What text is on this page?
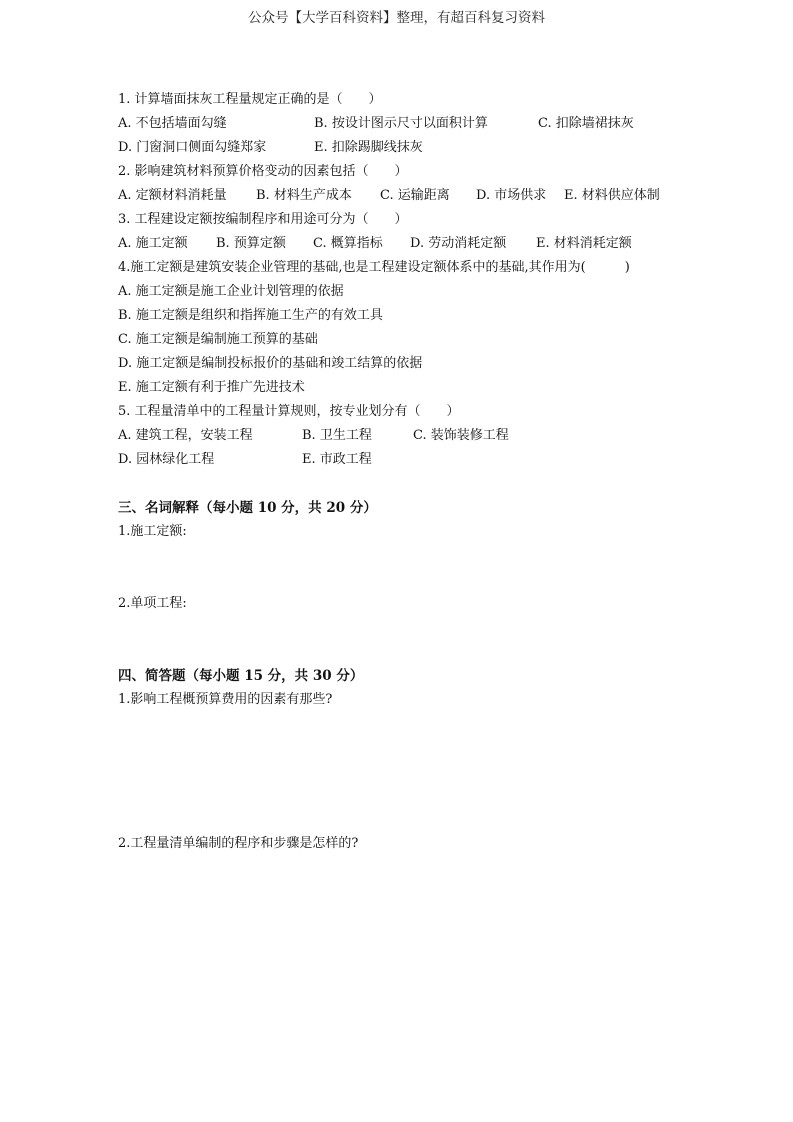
公众号【大学百科资料】整理，有超百科复习资料
1. 计算墙面抹灰工程量规定正确的是（　　）
A. 不包括墙面勾缝	B. 按设计图示尺寸以面积计算	C. 扣除墙裙抹灰
D. 门窗洞口侧面勾缝郑家	E. 扣除踢脚线抹灰
2. 影响建筑材料预算价格变动的因素包括（　　）
A. 定额材料消耗量 B. 材料生产成本 C. 运输距离 D. 市场供求 E. 材料供应体制
3. 工程建设定额按编制程序和用途可分为（　　）
A. 施工定额 B. 预算定额 C. 概算指标 D. 劳动消耗定额 E. 材料消耗定额
4.施工定额是建筑安装企业管理的基础,也是工程建设定额体系中的基础,其作用为(　　　)
A. 施工定额是施工企业计划管理的依据
B. 施工定额是组织和指挥施工生产的有效工具
C. 施工定额是编制施工预算的基础
D. 施工定额是编制投标报价的基础和竣工结算的依据
E. 施工定额有利于推广先进技术
5. 工程量清单中的工程量计算规则，按专业划分有（　　）
A. 建筑工程，安装工程	B. 卫生工程	C. 装饰装修工程
D. 园林绿化工程	E. 市政工程
三、名词解释（每小题 10 分，共 20 分）
1.施工定额:
2.单项工程:
四、简答题（每小题 15 分，共 30 分）
1.影响工程概预算费用的因素有那些?
2.工程量清单编制的程序和步骤是怎样的?
